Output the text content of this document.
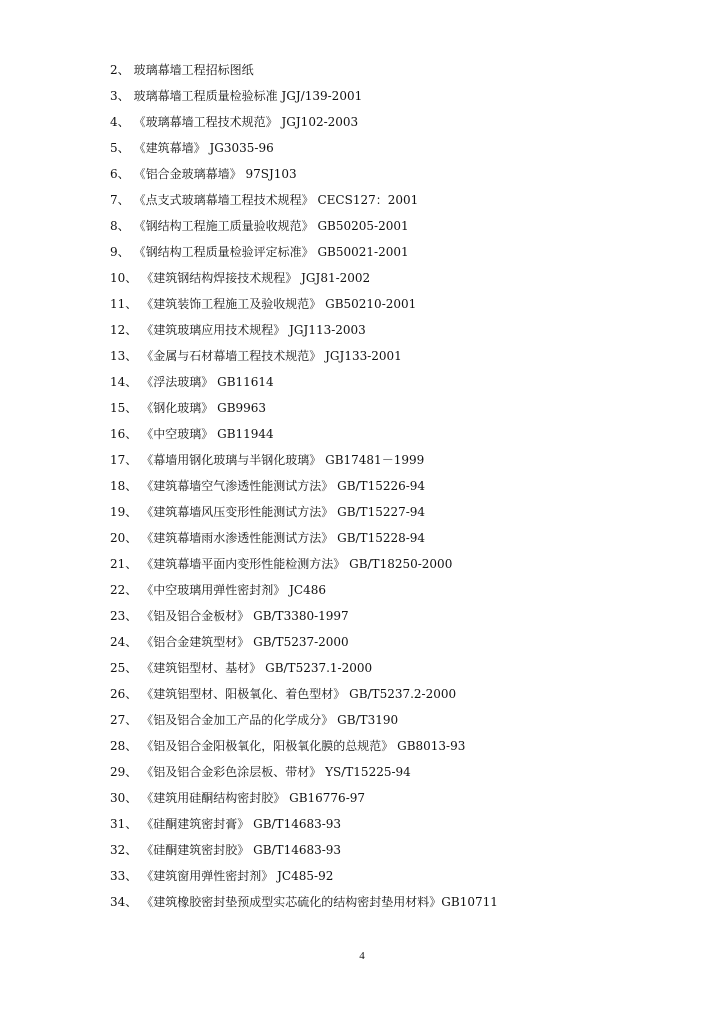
2、 玻璃幕墙工程招标图纸
3、 玻璃幕墙工程质量检验标准 JGJ/139-2001
4、 《玻璃幕墙工程技术规范》 JGJ102-2003
5、 《建筑幕墙》 JG3035-96
6、 《铝合金玻璃幕墙》 97SJ103
7、 《点支式玻璃幕墙工程技术规程》 CECS127：2001
8、 《钢结构工程施工质量验收规范》 GB50205-2001
9、 《钢结构工程质量检验评定标准》 GB50021-2001
10、 《建筑钢结构焊接技术规程》 JGJ81-2002
11、 《建筑装饰工程施工及验收规范》 GB50210-2001
12、 《建筑玻璃应用技术规程》 JGJ113-2003
13、 《金属与石材幕墙工程技术规范》 JGJ133-2001
14、 《浮法玻璃》 GB11614
15、 《钢化玻璃》 GB9963
16、 《中空玻璃》 GB11944
17、 《幕墙用钢化玻璃与半钢化玻璃》 GB17481－1999
18、 《建筑幕墙空气渗透性能测试方法》 GB/T15226-94
19、 《建筑幕墙风压变形性能测试方法》 GB/T15227-94
20、 《建筑幕墙雨水渗透性能测试方法》 GB/T15228-94
21、 《建筑幕墙平面内变形性能检测方法》 GB/T18250-2000
22、 《中空玻璃用弹性密封剂》 JC486
23、 《铝及铝合金板材》 GB/T3380-1997
24、 《铝合金建筑型材》 GB/T5237-2000
25、 《建筑铝型材、基材》 GB/T5237.1-2000
26、 《建筑铝型材、阳极氧化、着色型材》 GB/T5237.2-2000
27、 《铝及铝合金加工产品的化学成分》 GB/T3190
28、 《铝及铝合金阳极氧化，阳极氧化膜的总规范》 GB8013-93
29、 《铝及铝合金彩色涂层板、带材》 YS/T15225-94
30、 《建筑用硅酮结构密封胶》 GB16776-97
31、 《硅酮建筑密封膏》 GB/T14683-93
32、 《硅酮建筑密封胶》 GB/T14683-93
33、 《建筑窗用弹性密封剂》 JC485-92
34、 《建筑橡胶密封垫预成型实芯硫化的结构密封垫用材料》GB10711
4
